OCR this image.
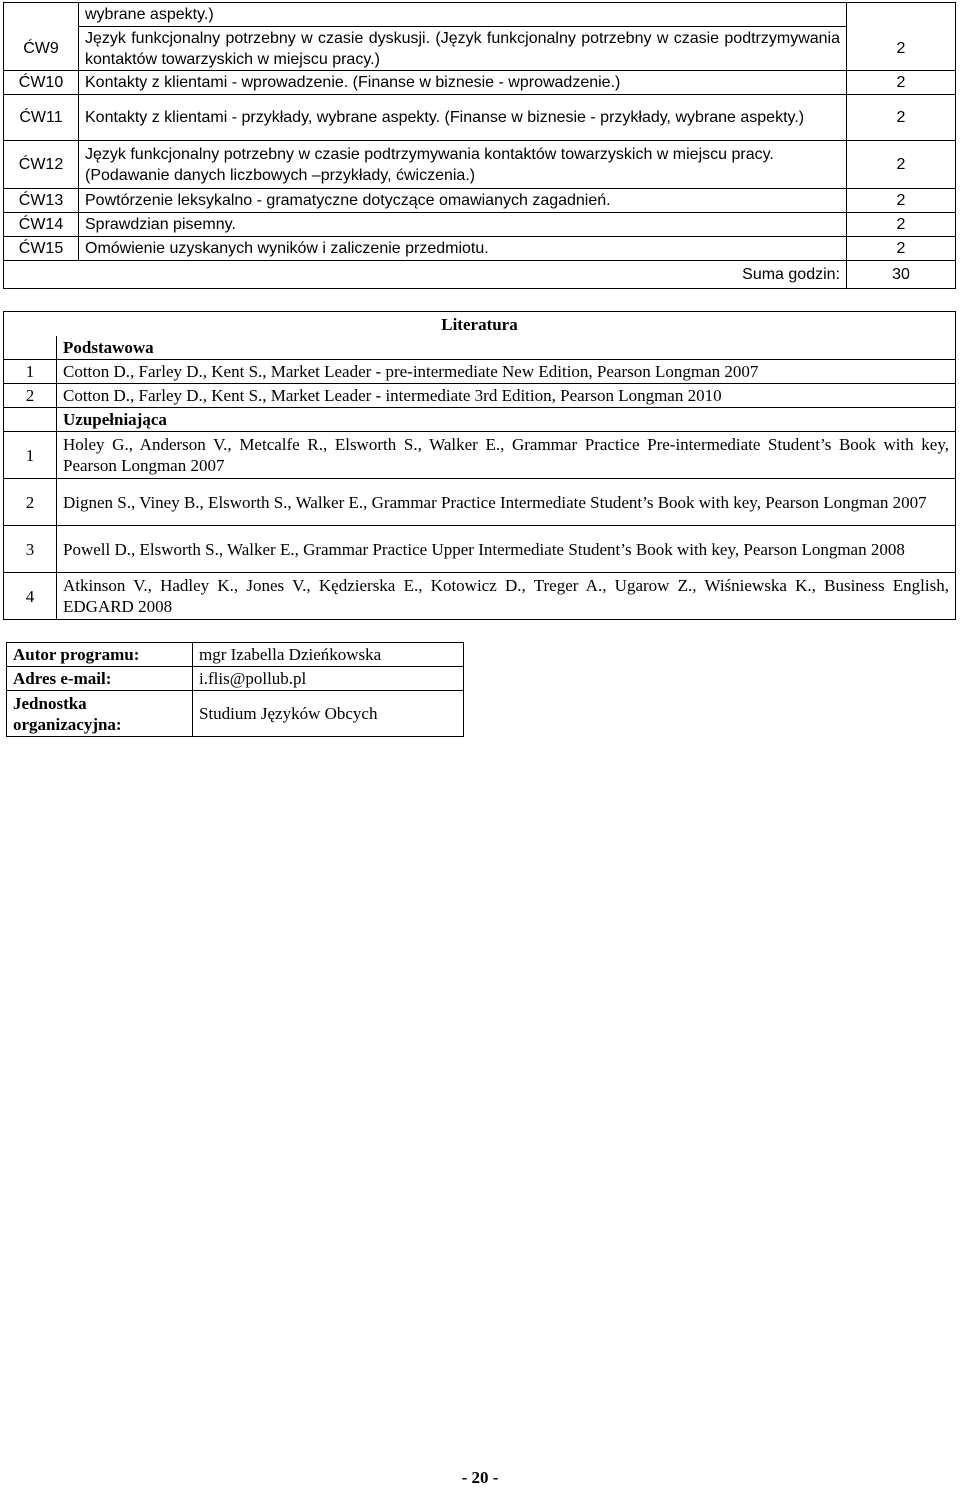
	wybrane aspekty.)	
ĆW9	Język funkcjonalny potrzebny w czasie dyskusji. (Język funkcjonalny potrzebny w czasie podtrzymywania kontaktów towarzyskich w miejscu pracy.)	2
ĆW10	Kontakty z klientami - wprowadzenie. (Finanse w biznesie - wprowadzenie.)	2
ĆW11	Kontakty z klientami - przykłady, wybrane aspekty. (Finanse w biznesie - przykłady, wybrane aspekty.)	2
ĆW12	Język funkcjonalny potrzebny w czasie podtrzymywania kontaktów towarzyskich w miejscu pracy. (Podawanie danych liczbowych –przykłady, ćwiczenia.)	2
ĆW13	Powtórzenie leksykalno - gramatyczne dotyczące omawianych zagadnień.	2
ĆW14	Sprawdzian pisemny.	2
ĆW15	Omówienie uzyskanych wyników i zaliczenie przedmiotu.	2
Suma godzin:		30
Literatura	
	Podstawowa
1	Cotton D., Farley D., Kent S., Market Leader - pre-intermediate New Edition, Pearson Longman 2007
2	Cotton D., Farley D., Kent S., Market Leader - intermediate 3rd Edition, Pearson Longman 2010
	Uzupełniająca
1	Holey G., Anderson V., Metcalfe R., Elsworth S., Walker E., Grammar Practice Pre-intermediate Student’s Book with key, Pearson Longman 2007
2	Dignen S., Viney B., Elsworth S., Walker E., Grammar Practice Intermediate Student’s Book with key, Pearson Longman 2007
3	Powell D., Elsworth S., Walker E., Grammar Practice Upper Intermediate Student’s Book with key, Pearson Longman 2008
4	Atkinson V., Hadley K., Jones V., Kędzierska E., Kotowicz D., Treger A., Ugarow Z., Wiśniewska K., Business English, EDGARD 2008
Autor programu:	mgr Izabella Dzieńkowska
Adres e-mail:	i.flis@pollub.pl
Jednostka organizacyjna:	Studium Języków Obcych
- 20 -
